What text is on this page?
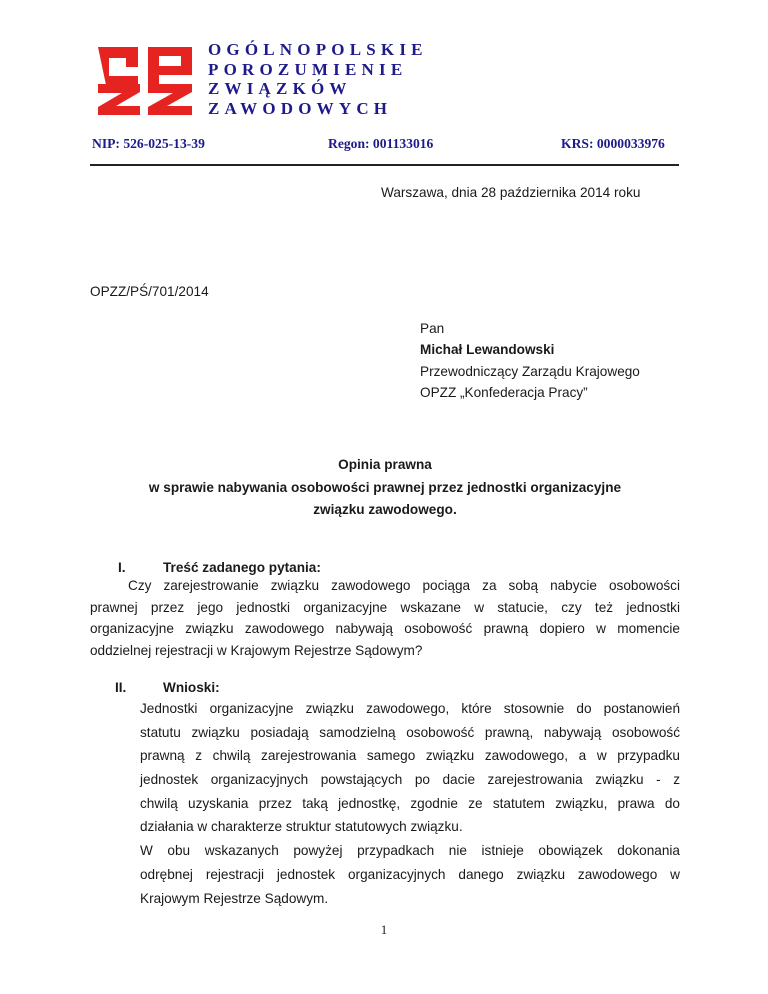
OGÓLNOPOLSKIE
POROZUMIENIE
ZWIĄZKÓW
ZAWODOWYCH
NIP: 526-025-13-39	Regon: 001133016	KRS: 0000033976
Warszawa, dnia 28 października 2014 roku
OPZZ/PŚ/701/2014
Pan
Michał Lewandowski
Przewodniczący Zarządu Krajowego
OPZZ „Konfederacja Pracy”
Opinia prawna
w sprawie nabywania osobowości prawnej przez jednostki organizacyjne
związku zawodowego.
I.	Treść zadanego pytania:
Czy zarejestrowanie związku zawodowego pociąga za sobą nabycie osobowości
prawnej przez jego jednostki organizacyjne wskazane w statucie, czy też jednostki
organizacyjne związku zawodowego nabywają osobowość prawną dopiero w momencie
oddzielnej rejestracji w Krajowym Rejestrze Sądowym?
II.	Wnioski:
Jednostki organizacyjne związku zawodowego, które stosownie do postanowień
statutu związku posiadają samodzielną osobowość prawną, nabywają osobowość
prawną z chwilą zarejestrowania samego związku zawodowego, a w przypadku
jednostek organizacyjnych powstających po dacie zarejestrowania związku - z
chwilą uzyskania przez taką jednostkę, zgodnie ze statutem związku, prawa do
działania w charakterze struktur statutowych związku.
W obu wskazanych powyżej przypadkach nie istnieje obowiązek dokonania
odrębnej rejestracji jednostek organizacyjnych danego związku zawodowego w
Krajowym Rejestrze Sądowym.
1
